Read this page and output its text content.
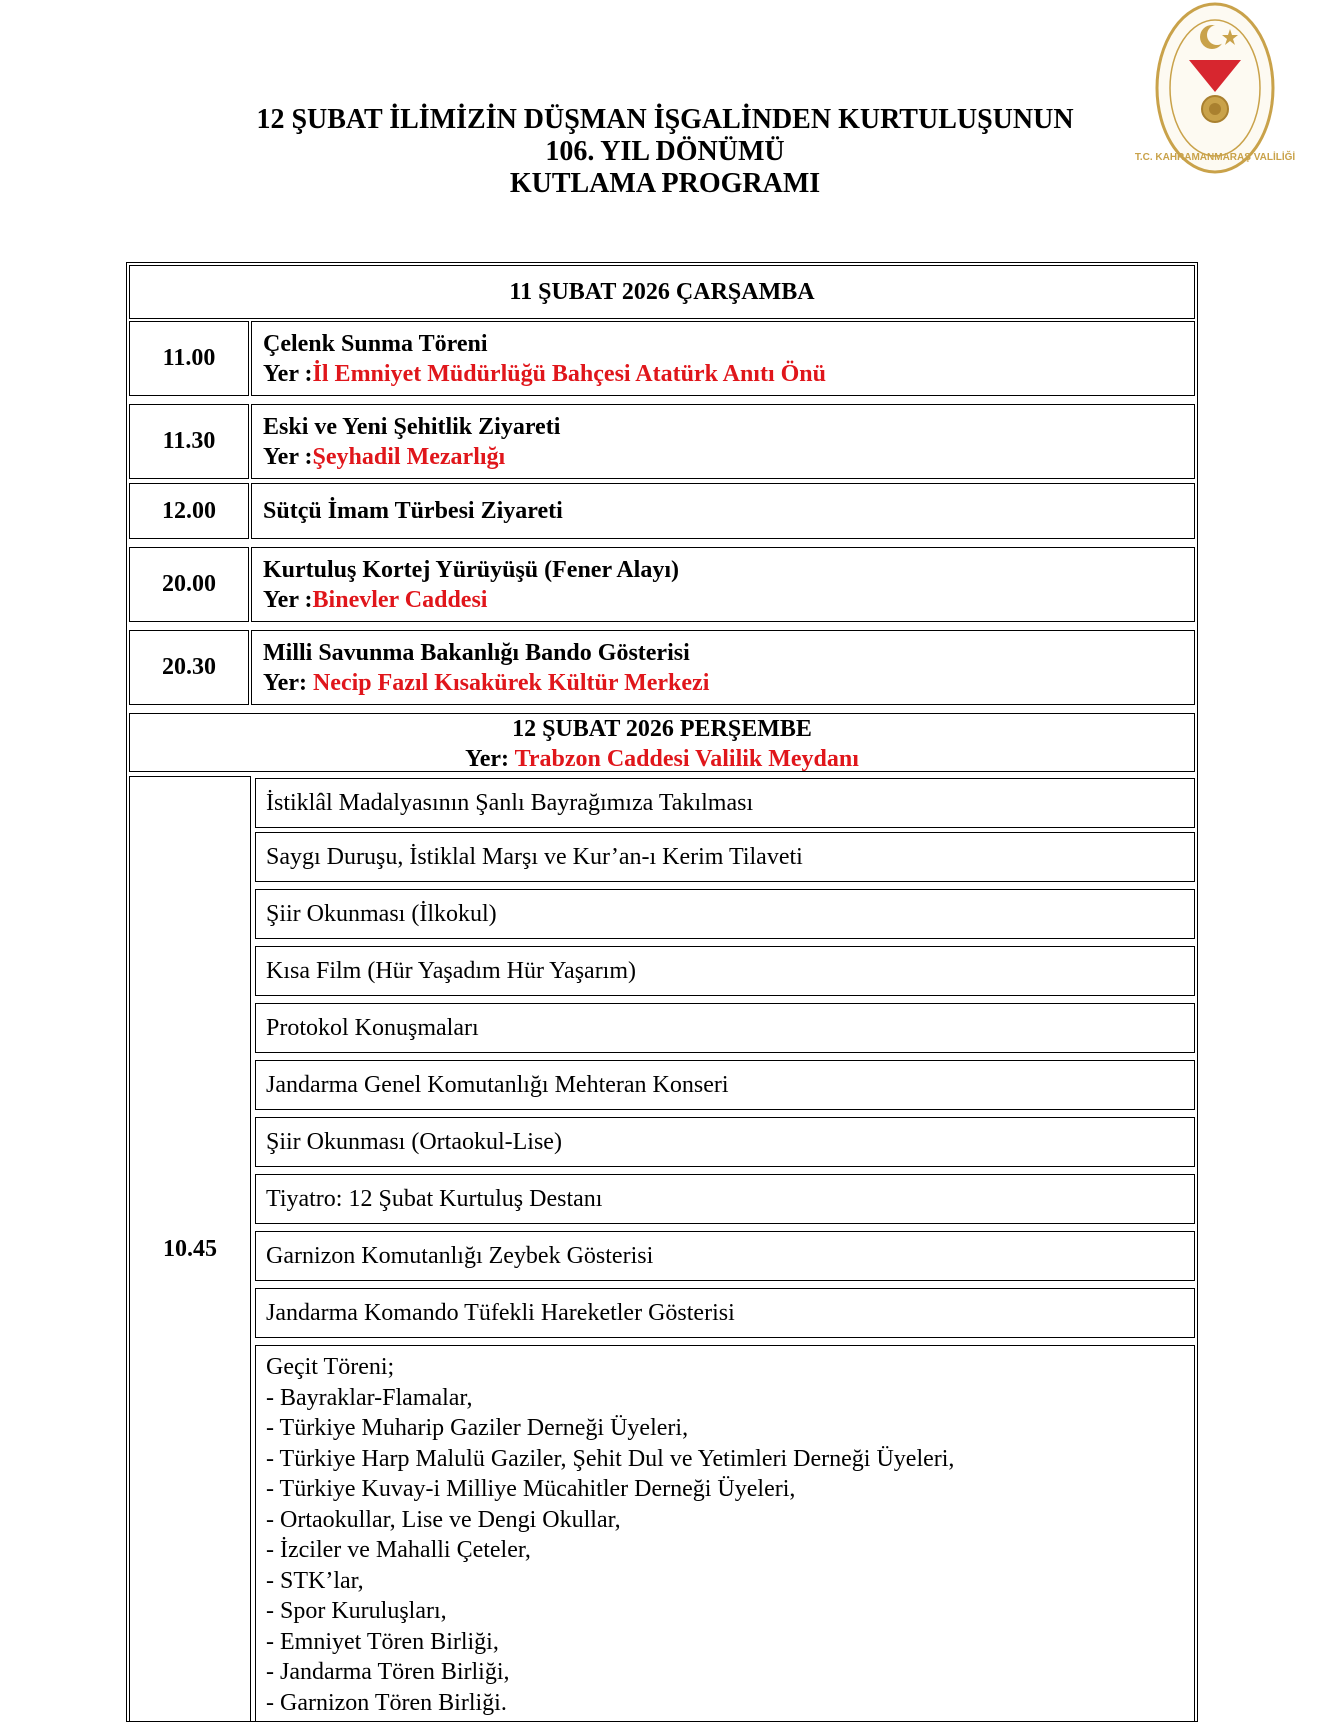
T.C. KAHRAMANMARAŞ VALİLİĞİ
12 ŞUBAT İLİMİZİN DÜŞMAN İŞGALİNDEN KURTULUŞUNUN
106. YIL DÖNÜMÜ
KUTLAMA PROGRAMI
11 ŞUBAT 2026 ÇARŞAMBA
11.00
Çelenk Sunma Töreni
Yer :İl Emniyet Müdürlüğü Bahçesi Atatürk Anıtı Önü
11.30
Eski ve Yeni Şehitlik Ziyareti
Yer :Şeyhadil Mezarlığı
12.00 Sütçü İmam Türbesi Ziyareti
20.00
Kurtuluş Kortej Yürüyüşü (Fener Alayı)
Yer :Binevler Caddesi
20.30
Milli Savunma Bakanlığı Bando Gösterisi
Yer: Necip Fazıl Kısakürek Kültür Merkezi
12 ŞUBAT 2026 PERŞEMBE
Yer: Trabzon Caddesi Valilik Meydanı
10.45
İstiklâl Madalyasının Şanlı Bayrağımıza Takılması
Saygı Duruşu, İstiklal Marşı ve Kur’an-ı Kerim Tilaveti
Şiir Okunması (İlkokul)
Kısa Film (Hür Yaşadım Hür Yaşarım)
Protokol Konuşmaları
Jandarma Genel Komutanlığı Mehteran Konseri
Şiir Okunması (Ortaokul-Lise)
Tiyatro: 12 Şubat Kurtuluş Destanı
Garnizon Komutanlığı Zeybek Gösterisi
Jandarma Komando Tüfekli Hareketler Gösterisi
Geçit Töreni;
- Bayraklar-Flamalar,
- Türkiye Muharip Gaziler Derneği Üyeleri,
- Türkiye Harp Malulü Gaziler, Şehit Dul ve Yetimleri Derneği Üyeleri,
- Türkiye Kuvay-i Milliye Mücahitler Derneği Üyeleri,
- Ortaokullar, Lise ve Dengi Okullar,
- İzciler ve Mahalli Çeteler,
- STK’lar,
- Spor Kuruluşları,
- Emniyet Tören Birliği,
- Jandarma Tören Birliği,
- Garnizon Tören Birliği.
